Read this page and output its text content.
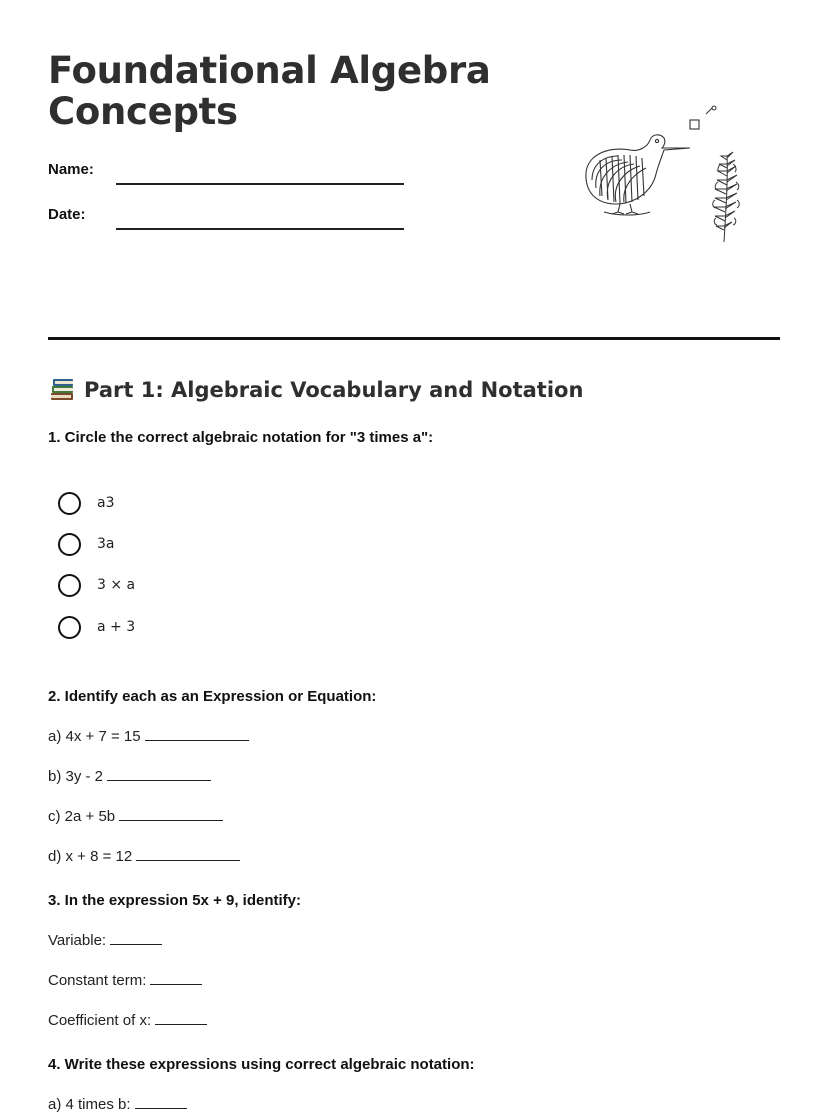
Foundational Algebra Concepts
Name:
Date:
Part 1: Algebraic Vocabulary and Notation
1. Circle the correct algebraic notation for "3 times a":
a3
3a
3 × a
a + 3
2. Identify each as an Expression or Equation:
a) 4x + 7 = 15
b) 3y - 2
c) 2a + 5b
d) x + 8 = 12
3. In the expression 5x + 9, identify:
Variable:
Constant term:
Coefficient of x:
4. Write these expressions using correct algebraic notation:
a) 4 times b:
